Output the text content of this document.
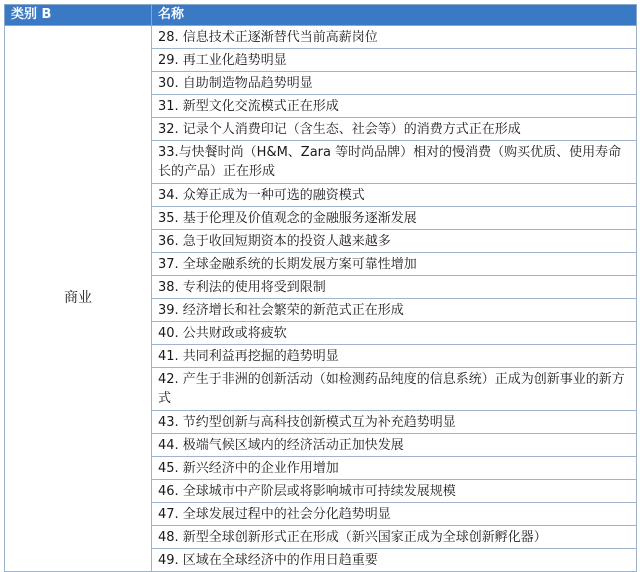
类别 B	名称
商业	28. 信息技术正逐渐替代当前高薪岗位
	29. 再工业化趋势明显
	30. 自助制造物品趋势明显
	31. 新型文化交流模式正在形成
	32. 记录个人消费印记（含生态、社会等）的消费方式正在形成
	33.与快餐时尚（H&M、Zara 等时尚品牌）相对的慢消费（购买优质、使用寿命长的产品）正在形成
	34. 众筹正成为一种可选的融资模式
	35. 基于伦理及价值观念的金融服务逐渐发展
	36. 急于收回短期资本的投资人越来越多
	37. 全球金融系统的长期发展方案可靠性增加
	38. 专利法的使用将受到限制
	39. 经济增长和社会繁荣的新范式正在形成
	40. 公共财政或将疲软
	41. 共同利益再挖掘的趋势明显
	42. 产生于非洲的创新活动（如检测药品纯度的信息系统）正成为创新事业的新方式
	43. 节约型创新与高科技创新模式互为补充趋势明显
	44. 极端气候区域内的经济活动正加快发展
	45. 新兴经济中的企业作用增加
	46. 全球城市中产阶层或将影响城市可持续发展规模
	47. 全球发展过程中的社会分化趋势明显
	48. 新型全球创新形式正在形成（新兴国家正成为全球创新孵化器）
	49. 区域在全球经济中的作用日趋重要
